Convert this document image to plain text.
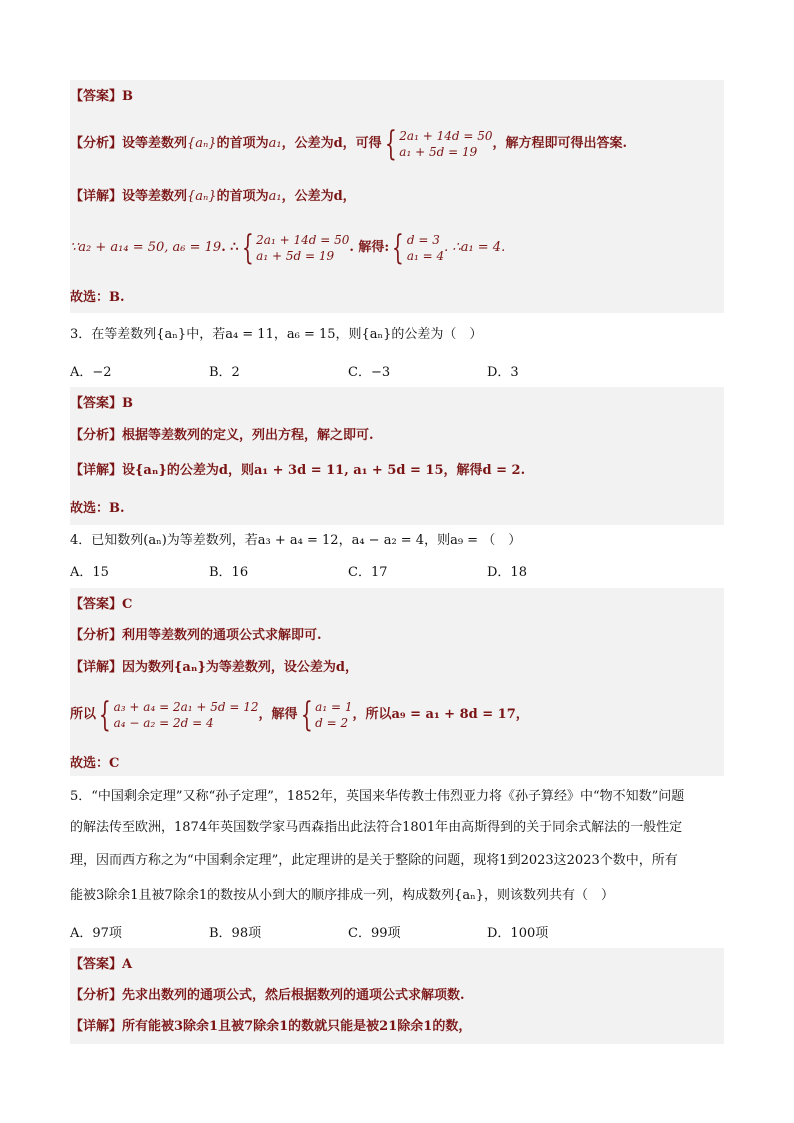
【答案】B
【分析】设等差数列 {aₙ} 的首项为 a₁ ，公差为d，可得 { 2a₁ + 14d = 50
a₁ + 5d = 19
，解方程即可得出答案.
【详解】设等差数列{aₙ}的首项为a₁，公差为d，
∵a₂ + a₁₄ = 50, a₆ = 19 . ∴ { 2a₁ + 14d = 50
a₁ + 5d = 19
. 解得: { d = 3
a₁ = 4
. ∴a₁ = 4.
故选：B.
3．在等差数列{aₙ}中，若a₄ = 11，a₆ = 15，则{aₙ}的公差为（　）
A．−2	B．2	C．−3	D．3
【答案】B
【分析】根据等差数列的定义，列出方程，解之即可.
【详解】设{aₙ}的公差为d，则a₁ + 3d = 11, a₁ + 5d = 15，解得d = 2.
故选：B.
4．已知数列(aₙ)为等差数列，若a₃ + a₄ = 12，a₄ − a₂ = 4，则a₉ = （　）
A．15	B．16	C．17	D．18
【答案】C
【分析】利用等差数列的通项公式求解即可.
【详解】因为数列{aₙ}为等差数列，设公差为d，
所以 { a₃ + a₄ = 2a₁ + 5d = 12
a₄ − a₂ = 2d = 4
，解得 { a₁ = 1
d = 2
，所以a₉ = a₁ + 8d = 17，
故选：C
5．“中国剩余定理”又称“孙子定理”，1852年，英国来华传教士伟烈亚力将《孙子算经》中“物不知数”问题
的解法传至欧洲，1874年英国数学家马西森指出此法符合1801年由高斯得到的关于同余式解法的一般性定
理，因而西方称之为“中国剩余定理”，此定理讲的是关于整除的问题，现将1到2023这2023个数中，所有
能被3除余1且被7除余1的数按从小到大的顺序排成一列，构成数列{aₙ}，则该数列共有（　）
A．97项	B．98项	C．99项	D．100项
【答案】A
【分析】先求出数列的通项公式，然后根据数列的通项公式求解项数.
【详解】所有能被3除余1且被7除余1的数就只能是被21除余1的数，
